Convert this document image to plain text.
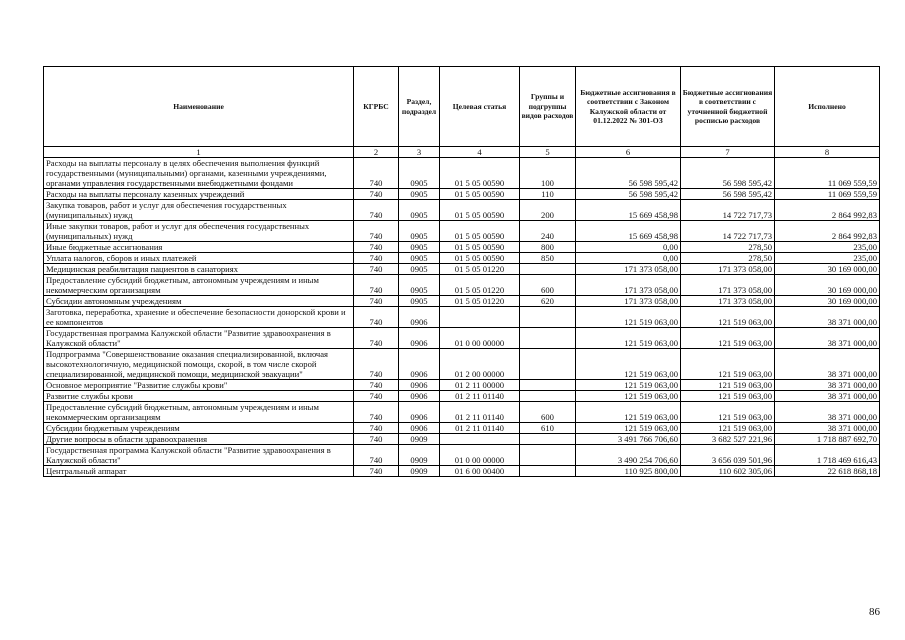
Наименование	КГРБС	Раздел, подраздел	Целевая статья	Группы и подгруппы видов расходов	Бюджетные ассигнования в соответствии с Законом Калужской области от 01.12.2022 № 301-ОЗ	Бюджетные ассигнования в соответствии с уточненной бюджетной росписью расходов	Исполнено
1	2	3	4	5	6	7	8
Расходы на выплаты персоналу в целях обеспечения выполнения функций государственными (муниципальными) органами, казенными учреждениями, органами управления государственными внебюджетными фондами	740	0905	01 5 05 00590	100	56 598 595,42	56 598 595,42	11 069 559,59
Расходы на выплаты персоналу казенных учреждений	740	0905	01 5 05 00590	110	56 598 595,42	56 598 595,42	11 069 559,59
Закупка товаров, работ и услуг для обеспечения государственных (муниципальных) нужд	740	0905	01 5 05 00590	200	15 669 458,98	14 722 717,73	2 864 992,83
Иные закупки товаров, работ и услуг для обеспечения государственных (муниципальных) нужд	740	0905	01 5 05 00590	240	15 669 458,98	14 722 717,73	2 864 992,83
Иные бюджетные ассигнования	740	0905	01 5 05 00590	800	0,00	278,50	235,00
Уплата налогов, сборов и иных платежей	740	0905	01 5 05 00590	850	0,00	278,50	235,00
Медицинская реабилитация пациентов в санаториях	740	0905	01 5 05 01220		171 373 058,00	171 373 058,00	30 169 000,00
Предоставление субсидий бюджетным, автономным учреждениям и иным некоммерческим организациям	740	0905	01 5 05 01220	600	171 373 058,00	171 373 058,00	30 169 000,00
Субсидии автономным учреждениям	740	0905	01 5 05 01220	620	171 373 058,00	171 373 058,00	30 169 000,00
Заготовка, переработка, хранение и обеспечение безопасности донорской крови и ее компонентов	740	0906			121 519 063,00	121 519 063,00	38 371 000,00
Государственная программа Калужской области "Развитие здравоохранения в Калужской области"	740	0906	01 0 00 00000		121 519 063,00	121 519 063,00	38 371 000,00
Подпрограмма "Совершенствование оказания специализированной, включая высокотехнологичную, медицинской помощи, скорой, в том числе скорой специализированной, медицинской помощи, медицинской эвакуации"	740	0906	01 2 00 00000		121 519 063,00	121 519 063,00	38 371 000,00
Основное мероприятие "Развитие службы крови"	740	0906	01 2 11 00000		121 519 063,00	121 519 063,00	38 371 000,00
Развитие службы крови	740	0906	01 2 11 01140		121 519 063,00	121 519 063,00	38 371 000,00
Предоставление субсидий бюджетным, автономным учреждениям и иным некоммерческим организациям	740	0906	01 2 11 01140	600	121 519 063,00	121 519 063,00	38 371 000,00
Субсидии бюджетным учреждениям	740	0906	01 2 11 01140	610	121 519 063,00	121 519 063,00	38 371 000,00
Другие вопросы в области здравоохранения	740	0909			3 491 766 706,60	3 682 527 221,96	1 718 887 692,70
Государственная программа Калужской области "Развитие здравоохранения в Калужской области"	740	0909	01 0 00 00000		3 490 254 706,60	3 656 039 501,96	1 718 469 616,43
Центральный аппарат	740	0909	01 6 00 00400		110 925 800,00	110 602 305,06	22 618 868,18
86
